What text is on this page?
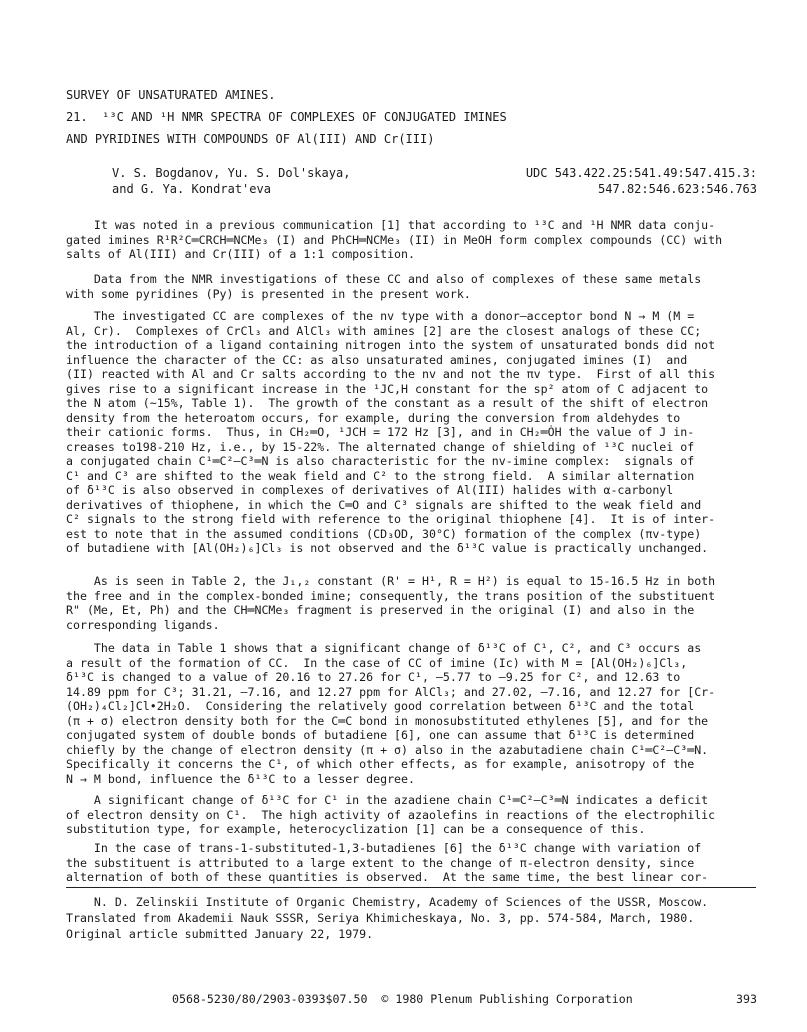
SURVEY OF UNSATURATED AMINES.
21.  ¹³C AND ¹H NMR SPECTRA OF COMPLEXES OF CONJUGATED IMINES
AND PYRIDINES WITH COMPOUNDS OF Al(III) AND Cr(III)
V. S. Bogdanov, Yu. S. Dol'skaya,
and G. Ya. Kondrat'eva
UDC 543.422.25:541.49:547.415.3:
547.82:546.623:546.763
It was noted in a previous communication [1] that according to ¹³C and ¹H NMR data conju-
gated imines R¹R²C═CRCH═NCMe₃ (I) and PhCH═NCMe₃ (II) in MeOH form complex compounds (CC) with
salts of Al(III) and Cr(III) of a 1:1 composition.
Data from the NMR investigations of these CC and also of complexes of these same metals
with some pyridines (Py) is presented in the present work.
The investigated CC are complexes of the nv type with a donor—acceptor bond N → M (M =
Al, Cr).  Complexes of CrCl₃ and AlCl₃ with amines [2] are the closest analogs of these CC;
the introduction of a ligand containing nitrogen into the system of unsaturated bonds did not
influence the character of the CC: as also unsaturated amines, conjugated imines (I)  and
(II) reacted with Al and Cr salts according to the nv and not the πv type.  First of all this
gives rise to a significant increase in the ¹JC,H constant for the sp² atom of C adjacent to
the N atom (~15%, Table 1).  The growth of the constant as a result of the shift of electron
density from the heteroatom occurs, for example, during the conversion from aldehydes to
their cationic forms.  Thus, in CH₂═O, ¹JCH = 172 Hz [3], and in CH₂═ȮH the value of J in-
creases to198-210 Hz, i.e., by 15-22%. The alternated change of shielding of ¹³C nuclei of
a conjugated chain C¹═C²—C³═N is also characteristic for the nv-imine complex:  signals of
C¹ and C³ are shifted to the weak field and C² to the strong field.  A similar alternation
of δ¹³C is also observed in complexes of derivatives of Al(III) halides with α-carbonyl
derivatives of thiophene, in which the C═O and C³ signals are shifted to the weak field and
C² signals to the strong field with reference to the original thiophene [4].  It is of inter-
est to note that in the assumed conditions (CD₃OD, 30°C) formation of the complex (πv-type)
of butadiene with [Al(OH₂)₆]Cl₃ is not observed and the δ¹³C value is practically unchanged.
As is seen in Table 2, the J₁,₂ constant (R' = H¹, R = H²) is equal to 15-16.5 Hz in both
the free and in the complex-bonded imine; consequently, the trans position of the substituent
R" (Me, Et, Ph) and the CH═NCMe₃ fragment is preserved in the original (I) and also in the
corresponding ligands.
The data in Table 1 shows that a significant change of δ¹³C of C¹, C², and C³ occurs as
a result of the formation of CC.  In the case of CC of imine (Ic) with M = [Al(OH₂)₆]Cl₃,
δ¹³C is changed to a value of 20.16 to 27.26 for C¹, —5.77 to —9.25 for C², and 12.63 to
14.89 ppm for C³; 31.21, —7.16, and 12.27 ppm for AlCl₃; and 27.02, —7.16, and 12.27 for [Cr-
(OH₂)₄Cl₂]Cl•2H₂O.  Considering the relatively good correlation between δ¹³C and the total
(π + σ) electron density both for the C═C bond in monosubstituted ethylenes [5], and for the
conjugated system of double bonds of butadiene [6], one can assume that δ¹³C is determined
chiefly by the change of electron density (π + σ) also in the azabutadiene chain C¹═C²—C³═N.
Specifically it concerns the C¹, of which other effects, as for example, anisotropy of the
N → M bond, influence the δ¹³C to a lesser degree.
A significant change of δ¹³C for C¹ in the azadiene chain C¹═C²—C³═N indicates a deficit
of electron density on C¹.  The high activity of azaolefins in reactions of the electrophilic
substitution type, for example, heterocyclization [1] can be a consequence of this.
In the case of trans-1-substituted-1,3-butadienes [6] the δ¹³C change with variation of
the substituent is attributed to a large extent to the change of π-electron density, since
alternation of both of these quantities is observed.  At the same time, the best linear cor-
N. D. Zelinskii Institute of Organic Chemistry, Academy of Sciences of the USSR, Moscow.
Translated from Akademii Nauk SSSR, Seriya Khimicheskaya, No. 3, pp. 574-584, March, 1980.
Original article submitted January 22, 1979.
0568-5230/80/2903-0393$07.50  © 1980 Plenum Publishing Corporation	393
